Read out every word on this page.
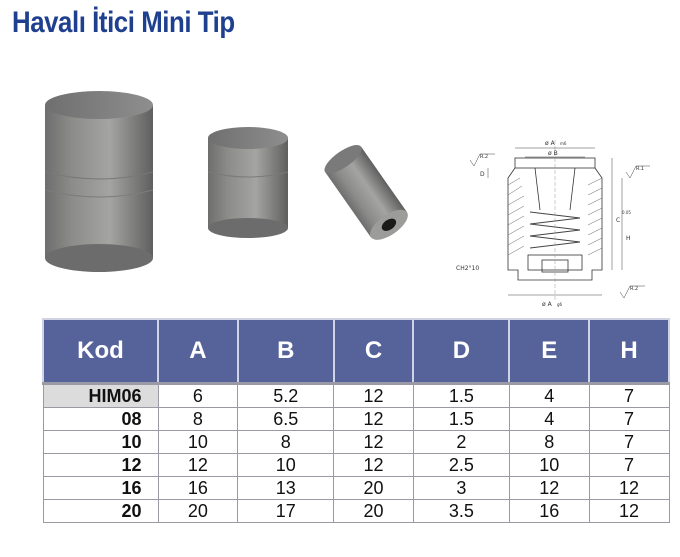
Havalı İtici Mini Tip
ø A m6
ø B
D
C
0.05
H
CH2°10
ø A g6
R.2
R.1
R.2
Kod	A	B	C	D	E	H
HIM06	6	5.2	12	1.5	4	7
08	8	6.5	12	1.5	4	7
10	10	8	12	2	8	7
12	12	10	12	2.5	10	7
16	16	13	20	3	12	12
20	20	17	20	3.5	16	12
